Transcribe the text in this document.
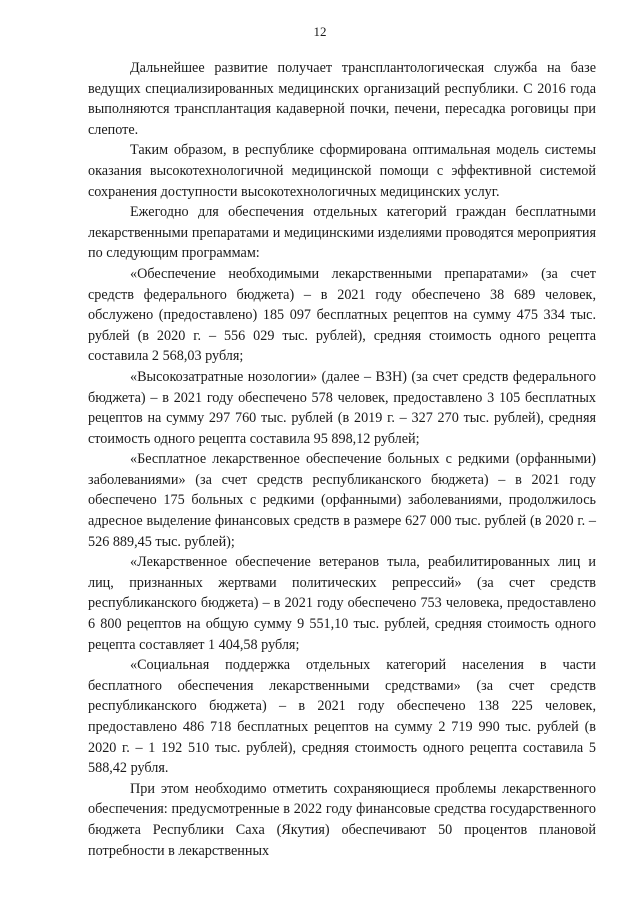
12

Дальнейшее развитие получает трансплантологическая служба на базе ведущих специализированных медицинских организаций республики. С 2016 года выполняются трансплантация кадаверной почки, печени, пересадка роговицы при слепоте.

Таким образом, в республике сформирована оптимальная модель системы оказания высокотехнологичной медицинской помощи с эффективной системой сохранения доступности высокотехнологичных медицинских услуг.

Ежегодно для обеспечения отдельных категорий граждан бесплатными лекарственными препаратами и медицинскими изделиями проводятся мероприятия по следующим программам:

«Обеспечение необходимыми лекарственными препаратами» (за счет средств федерального бюджета) – в 2021 году обеспечено 38 689 человек, обслужено (предоставлено) 185 097 бесплатных рецептов на сумму 475 334 тыс. рублей (в 2020 г. – 556 029 тыс. рублей), средняя стоимость одного рецепта составила 2 568,03 рубля;

«Высокозатратные нозологии» (далее – ВЗН) (за счет средств федерального бюджета) – в 2021 году обеспечено 578 человек, предоставлено 3 105 бесплатных рецептов на сумму 297 760 тыс. рублей (в 2019 г. – 327 270 тыс. рублей), средняя стоимость одного рецепта составила 95 898,12 рублей;

«Бесплатное лекарственное обеспечение больных с редкими (орфанными) заболеваниями» (за счет средств республиканского бюджета) – в 2021 году обеспечено 175 больных с редкими (орфанными) заболеваниями, продолжилось адресное выделение финансовых средств в размере 627 000 тыс. рублей (в 2020 г. – 526 889,45 тыс. рублей);

«Лекарственное обеспечение ветеранов тыла, реабилитированных лиц и лиц, признанных жертвами политических репрессий» (за счет средств республиканского бюджета) – в 2021 году обеспечено 753 человека, предоставлено 6 800 рецептов на общую сумму 9 551,10 тыс. рублей, средняя стоимость одного рецепта составляет 1 404,58 рубля;

«Социальная поддержка отдельных категорий населения в части бесплатного обеспечения лекарственными средствами» (за счет средств республиканского бюджета) – в 2021 году обеспечено 138 225 человек, предоставлено 486 718 бесплатных рецептов на сумму 2 719 990 тыс. рублей (в 2020 г. – 1 192 510 тыс. рублей), средняя стоимость одного рецепта составила 5 588,42 рубля.

При этом необходимо отметить сохраняющиеся проблемы лекарственного обеспечения: предусмотренные в 2022 году финансовые средства государственного бюджета Республики Саха (Якутия) обеспечивают 50 процентов плановой потребности в лекарственных
